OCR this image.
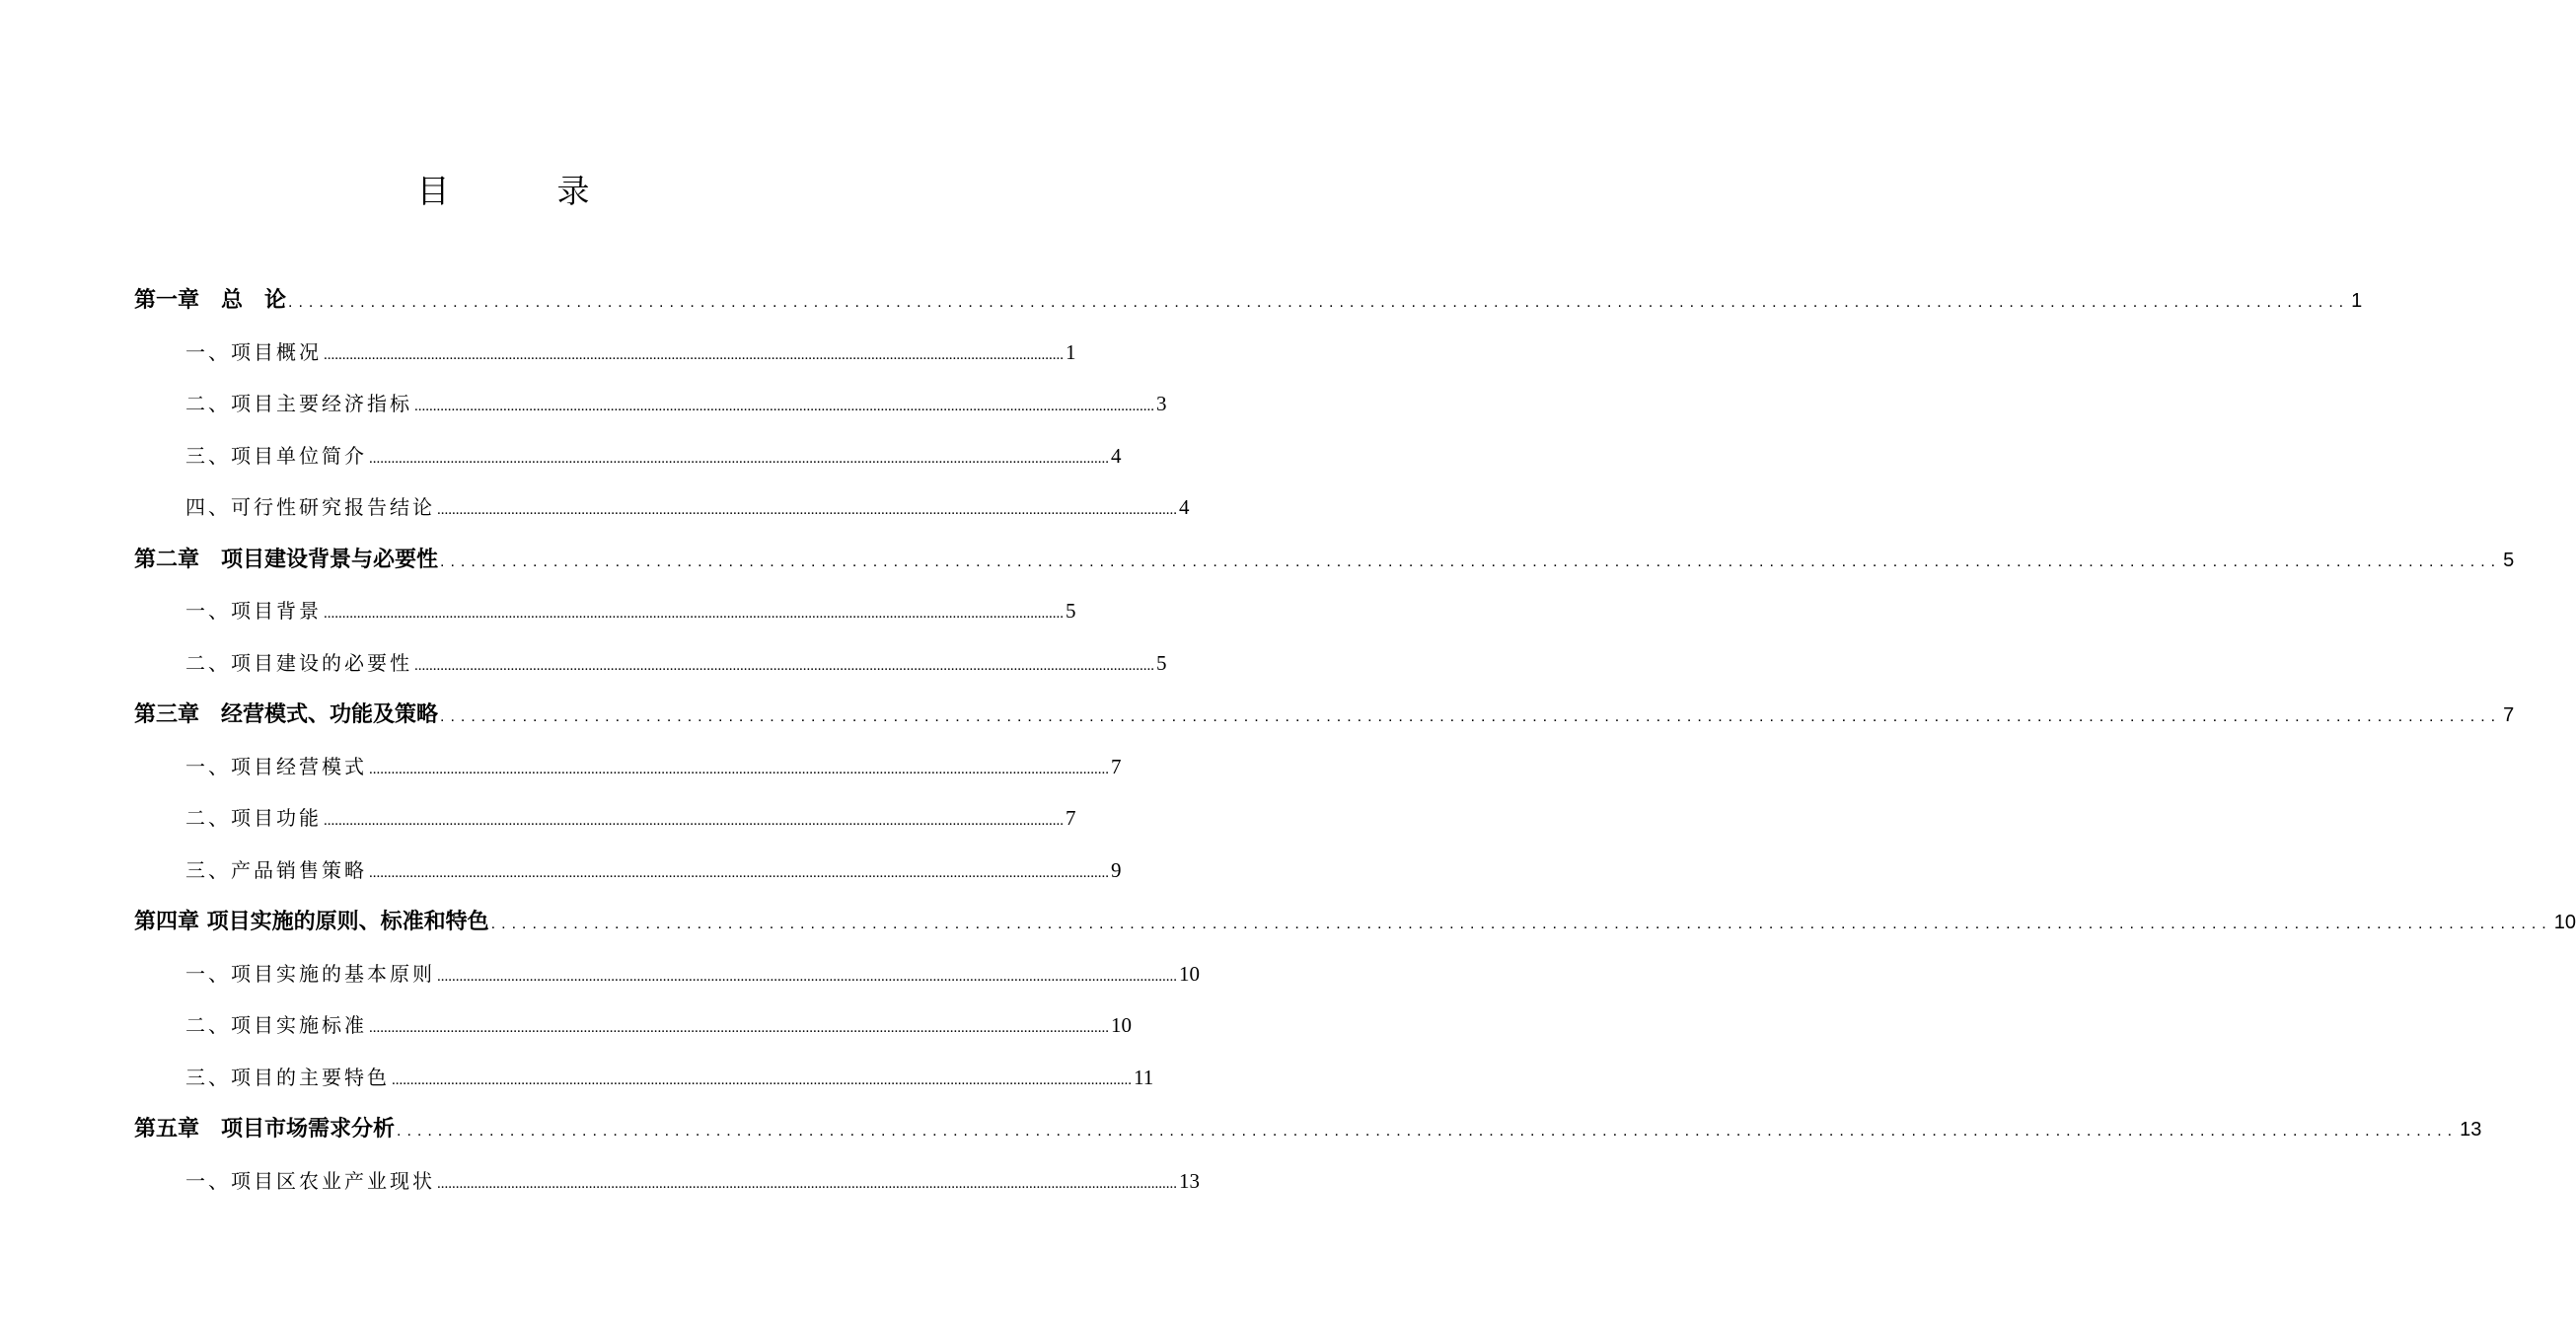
目　录
第一章　总　论 ........................................................................................................................................................................................................ 1
一、项目概况 ........................................................................................................................................................................................................ 1
二、项目主要经济指标 ........................................................................................................................................................................................................ 3
三、项目单位简介 ........................................................................................................................................................................................................ 4
四、可行性研究报告结论 ........................................................................................................................................................................................................ 4
第二章　项目建设背景与必要性 ........................................................................................................................................................................................................ 5
一、项目背景 ........................................................................................................................................................................................................ 5
二、项目建设的必要性 ........................................................................................................................................................................................................ 5
第三章　经营模式、功能及策略 ........................................................................................................................................................................................................ 7
一、项目经营模式 ........................................................................................................................................................................................................ 7
二、项目功能 ........................................................................................................................................................................................................ 7
三、产品销售策略 ........................................................................................................................................................................................................ 9
第四章 项目实施的原则、标准和特色 ........................................................................................................................................................................................................ 10
一、项目实施的基本原则 ........................................................................................................................................................................................................ 10
二、项目实施标准 ........................................................................................................................................................................................................ 10
三、项目的主要特色 ........................................................................................................................................................................................................ 11
第五章　项目市场需求分析 ........................................................................................................................................................................................................ 13
一、项目区农业产业现状 ........................................................................................................................................................................................................ 13
